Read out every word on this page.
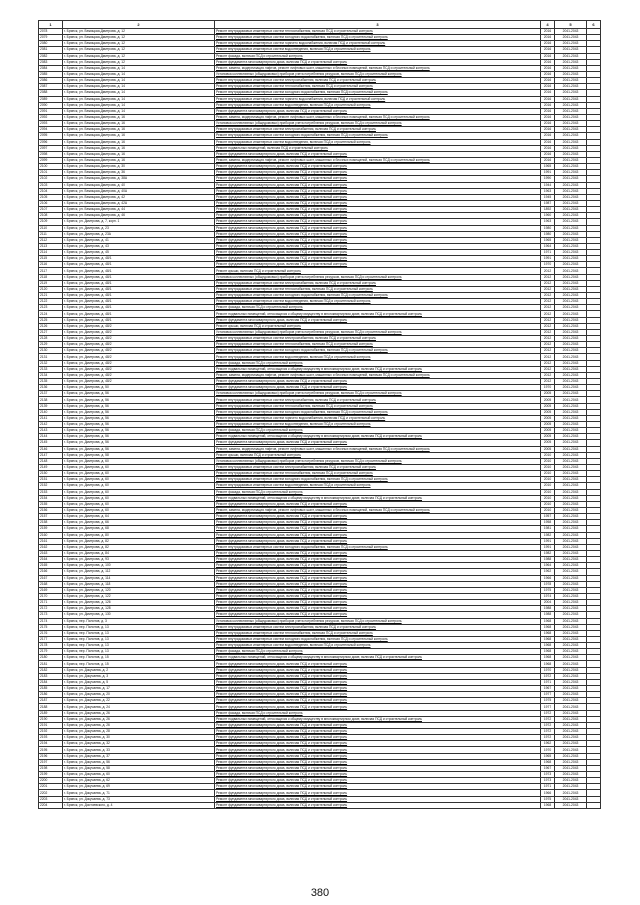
1	2	3	4	5	6
2078	г. Брянск, ул. Бежицкая-Дмитрова, д. 12	Ремонт внутридомовых инженерных систем теплоснабжения, включая ПСД и строительный контроль	2016	2041-2043	
2079	г. Брянск, ул. Бежицкая-Дмитрова, д. 12	Ремонт внутридомовых инженерных систем холодного водоснабжения, включая ПСД и строительный контроль	2016	2041-2043	
2080	г. Брянск, ул. Бежицкая-Дмитрова, д. 12	Ремонт внутридомовых инженерных систем горячего водоснабжения, включая ПСД и строительный контроль	2016	2041-2043	
2081	г. Брянск, ул. Бежицкая-Дмитрова, д. 12	Ремонт внутридомовых инженерных систем водоотведения, включая ПСД и строительный контроль	2016	2041-2043	
2082	г. Брянск, ул. Бежицкая-Дмитрова, д. 12	Ремонт фасада, включая ПСД и строительный контроль	2016	2041-2043	
2083	г. Брянск, ул. Бежицкая-Дмитрова, д. 12	Ремонт фундамента многоквартирного дома, включая ПСД и строительный контроль	2016	2041-2043	
2084	г. Брянск, ул. Бежицкая-Дмитрова, д. 14	Ремонт, замена, модернизация лифтов, ремонт лифтовых шахт, машинных и блочных помещений, включая ПСД и строительный контроль	2016	2041-2043	
2085	г. Брянск, ул. Бежицкая-Дмитрова, д. 14	Установка коллективных (общедомовых) приборов учета потребления ресурсов, включая ПСД и строительный контроль	2016	2041-2043	
2086	г. Брянск, ул. Бежицкая-Дмитрова, д. 14	Ремонт внутридомовых инженерных систем электроснабжения, включая ПСД и строительный контроль	2016	2041-2043	
2087	г. Брянск, ул. Бежицкая-Дмитрова, д. 14	Ремонт внутридомовых инженерных систем теплоснабжения, включая ПСД и строительный контроль	2016	2041-2043	
2088	г. Брянск, ул. Бежицкая-Дмитрова, д. 14	Ремонт внутридомовых инженерных систем холодного водоснабжения, включая ПСД и строительный контроль	2016	2041-2043	
2089	г. Брянск, ул. Бежицкая-Дмитрова, д. 14	Ремонт внутридомовых инженерных систем горячего водоснабжения, включая ПСД и строительный контроль	2016	2041-2043	
2090	г. Брянск, ул. Бежицкая-Дмитрова, д. 14	Ремонт внутридомовых инженерных систем водоотведения, включая ПСД и строительный контроль	2016	2041-2043	
2091	г. Брянск, ул. Бежицкая-Дмитрова, д. 14	Ремонт фундамента многоквартирного дома, включая ПСД и строительный контроль	2016	2041-2043	
2092	г. Брянск, ул. Бежицкая-Дмитрова, д. 16	Ремонт, замена, модернизация лифтов, ремонт лифтовых шахт, машинных и блочных помещений, включая ПСД и строительный контроль	2016	2041-2043	
2093	г. Брянск, ул. Бежицкая-Дмитрова, д. 16	Установка коллективных (общедомовых) приборов учета потребления ресурсов, включая ПСД и строительный контроль	2016	2041-2043	
2094	г. Брянск, ул. Бежицкая-Дмитрова, д. 16	Ремонт внутридомовых инженерных систем электроснабжения, включая ПСД и строительный контроль	2016	2041-2043	
2095	г. Брянск, ул. Бежицкая-Дмитрова, д. 16	Ремонт внутридомовых инженерных систем холодного водоснабжения, включая ПСД и строительный контроль	2016	2041-2043	
2096	г. Брянск, ул. Бежицкая-Дмитрова, д. 16	Ремонт внутридомовых инженерных систем водоотведения, включая ПСД и строительный контроль	2016	2041-2043	
2097	г. Брянск, ул. Бежицкая-Дмитрова, д. 16	Ремонт подвальных помещений, включая ПСД и строительный контроль	2016	2041-2043	
2098	г. Брянск, ул. Бежицкая-Дмитрова, д. 16	Ремонт фундамента многоквартирного дома, включая ПСД и строительный контроль	2016	2041-2043	
2099	г. Брянск, ул. Бежицкая-Дмитрова, д. 16	Ремонт, замена, модернизация лифтов, ремонт лифтовых шахт, машинных и блочных помещений, включая ПСД и строительный контроль	2016	2041-2043	
2100	г. Брянск, ул. Бежицкая-Дмитрова, д. 30	Ремонт фундамента многоквартирного дома, включая ПСД и строительный контроль	1965	2041-2043	
2101	г. Брянск, ул. Бежицкая-Дмитрова, д. 36	Ремонт фундамента многоквартирного дома, включая ПСД и строительный контроль	1991	2041-2043	
2102	г. Брянск, ул. Бежицкая-Дмитрова, д. 38А	Ремонт фундамента многоквартирного дома, включая ПСД и строительный контроль	1990	2041-2043	
2103	г. Брянск, ул. Бежицкая-Дмитрова, д. 40	Ремонт фундамента многоквартирного дома, включая ПСД и строительный контроль	1944	2041-2043	
2104	г. Брянск, ул. Бежицкая-Дмитрова, д. 40А	Ремонт фундамента многоквартирного дома, включая ПСД и строительный контроль	1963	2041-2043	
2105	г. Брянск, ул. Бежицкая-Дмитрова, д. 42	Ремонт фундамента многоквартирного дома, включая ПСД и строительный контроль	1945	2041-2043	
2106	г. Брянск, ул. Бежицкая-Дмитрова, д. 42А	Ремонт фундамента многоквартирного дома, включая ПСД и строительный контроль	1987	2041-2043	
2107	г. Брянск, ул. Бежицкая-Дмитрова, д. 44	Ремонт фундамента многоквартирного дома, включая ПСД и строительный контроль	1892	2041-2043	
2108	г. Брянск, ул. Бежицкая-Дмитрова, д. 46	Ремонт фундамента многоквартирного дома, включая ПСД и строительный контроль	1960	2041-2043	
2109	г. Брянск, ул. Дмитрова, д. 7, корп. 1	Ремонт фундамента многоквартирного дома, включая ПСД и строительный контроль	1963	2041-2043	
2110	г. Брянск, ул. Дмитрова, д. 23	Ремонт фундамента многоквартирного дома, включая ПСД и строительный контроль	1980	2041-2043	
2111	г. Брянск, ул. Дмитрова, д. 23А	Ремонт фундамента многоквартирного дома, включая ПСД и строительный контроль	1980	2041-2043	
2112	г. Брянск, ул. Дмитрова, д. 41	Ремонт фундамента многоквартирного дома, включая ПСД и строительный контроль	1965	2041-2043	
2113	г. Брянск, ул. Дмитрова, д. 43	Ремонт фундамента многоквартирного дома, включая ПСД и строительный контроль	1964	2041-2043	
2114	г. Брянск, ул. Дмитрова, д. 45	Ремонт фундамента многоквартирного дома, включая ПСД и строительный контроль	1971	2041-2043	
2115	г. Брянск, ул. Дмитрова, д. 48/1	Ремонт фундамента многоквартирного дома, включая ПСД и строительный контроль	1991	2041-2043	
2116	г. Брянск, ул. Дмитрова, д. 48/1	Ремонт фундамента многоквартирного дома, включая ПСД и строительный контроль	1970	2041-2043	
2117	г. Брянск, ул. Дмитрова, д. 48/1	Ремонт крыши, включая ПСД и строительный контроль	2012	2041-2043	
2118	г. Брянск, ул. Дмитрова, д. 48/1	Установка коллективных (общедомовых) приборов учета потребления ресурсов, включая ПСД и строительный контроль	2012	2041-2043	
2119	г. Брянск, ул. Дмитрова, д. 48/1	Ремонт внутридомовых инженерных систем электроснабжения, включая ПСД и строительный контроль	2012	2041-2043	
2120	г. Брянск, ул. Дмитрова, д. 48/1	Ремонт внутридомовых инженерных систем теплоснабжения, включая ПСД и строительный контроль	2012	2041-2043	
2121	г. Брянск, ул. Дмитрова, д. 48/1	Ремонт внутридомовых инженерных систем холодного водоснабжения, включая ПСД и строительный контроль	2012	2041-2043	
2122	г. Брянск, ул. Дмитрова, д. 48/1	Ремонт внутридомовых инженерных систем водоотведения, включая ПСД и строительный контроль	2012	2041-2043	
2123	г. Брянск, ул. Дмитрова, д. 48/1	Ремонт фасада, включая ПСД и строительный контроль	2012	2041-2043	
2124	г. Брянск, ул. Дмитрова, д. 48/1	Ремонт подвальных помещений, относящихся к общему имуществу в многоквартирном доме, включая ПСД и строительный контроль	2012	2041-2043	
2125	г. Брянск, ул. Дмитрова, д. 48/1	Ремонт фундамента многоквартирного дома, включая ПСД и строительный контроль	2012	2041-2043	
2126	г. Брянск, ул. Дмитрова, д. 48/2	Ремонт крыши, включая ПСД и строительный контроль	2012	2041-2043	
2127	г. Брянск, ул. Дмитрова, д. 48/2	Установка коллективных (общедомовых) приборов учета потребления ресурсов, включая ПСД и строительный контроль	2012	2041-2043	
2128	г. Брянск, ул. Дмитрова, д. 48/2	Ремонт внутридомовых инженерных систем электроснабжения, включая ПСД и строительный контроль	2012	2041-2043	
2129	г. Брянск, ул. Дмитрова, д. 48/2	Ремонт внутридомовых инженерных систем теплоснабжения, включая ПСД и строительный контроль	2012	2041-2043	
2130	г. Брянск, ул. Дмитрова, д. 48/2	Ремонт внутридомовых инженерных систем холодного водоснабжения, включая ПСД и строительный контроль	2012	2041-2043	
2131	г. Брянск, ул. Дмитрова, д. 48/2	Ремонт внутридомовых инженерных систем водоотведения, включая ПСД и строительный контроль	2012	2041-2043	
2132	г. Брянск, ул. Дмитрова, д. 48/2	Ремонт фасада, включая ПСД и строительный контроль	2012	2041-2043	
2133	г. Брянск, ул. Дмитрова, д. 48/2	Ремонт подвальных помещений, относящихся к общему имуществу в многоквартирном доме, включая ПСД и строительный контроль	2012	2041-2043	
2134	г. Брянск, ул. Дмитрова, д. 48/2	Ремонт, замена, модернизация лифтов, ремонт лифтовых шахт, машинных и блочных помещений, включая ПСД и строительный контроль	2012	2041-2043	
2135	г. Брянск, ул. Дмитрова, д. 48/2	Ремонт фундамента многоквартирного дома, включая ПСД и строительный контроль	2012	2041-2043	
2136	г. Брянск, ул. Дмитрова, д. 50	Ремонт фундамента многоквартирного дома, включая ПСД и строительный контроль	1970	2041-2043	
2137	г. Брянск, ул. Дмитрова, д. 56	Установка коллективных (общедомовых) приборов учета потребления ресурсов, включая ПСД и строительный контроль	2005	2041-2043	
2138	г. Брянск, ул. Дмитрова, д. 56	Ремонт внутридомовых инженерных систем электроснабжения, включая ПСД и строительный контроль	2005	2041-2043	
2139	г. Брянск, ул. Дмитрова, д. 56	Ремонт внутридомовых инженерных систем теплоснабжения, включая ПСД и строительный контроль	2005	2041-2043	
2140	г. Брянск, ул. Дмитрова, д. 56	Ремонт внутридомовых инженерных систем холодного водоснабжения, включая ПСД и строительный контроль	2005	2041-2043	
2141	г. Брянск, ул. Дмитрова, д. 56	Ремонт внутридомовых инженерных систем горячего водоснабжения, включая ПСД и строительный контроль	2005	2041-2043	
2142	г. Брянск, ул. Дмитрова, д. 56	Ремонт внутридомовых инженерных систем водоотведения, включая ПСД и строительный контроль	2005	2041-2043	
2143	г. Брянск, ул. Дмитрова, д. 56	Ремонт фасада, включая ПСД и строительный контроль	2005	2041-2043	
2144	г. Брянск, ул. Дмитрова, д. 56	Ремонт подвальных помещений, относящихся к общему имуществу в многоквартирном доме, включая ПСД и строительный контроль	2005	2041-2043	
2145	г. Брянск, ул. Дмитрова, д. 56	Ремонт фундамента многоквартирного дома, включая ПСД и строительный контроль	2005	2041-2043	
2146	г. Брянск, ул. Дмитрова, д. 56	Ремонт, замена, модернизация лифтов, ремонт лифтовых шахт, машинных и блочных помещений, включая ПСД и строительный контроль	2005	2041-2043	
2147	г. Брянск, ул. Дмитрова, д. 58	Ремонт крыши, включая ПСД и строительный контроль	2010	2041-2043	
2148	г. Брянск, ул. Дмитрова, д. 60	Установка коллективных (общедомовых) приборов учета потребления ресурсов, включая ПСД и строительный контроль	2010	2041-2043	
2149	г. Брянск, ул. Дмитрова, д. 60	Ремонт внутридомовых инженерных систем электроснабжения, включая ПСД и строительный контроль	2010	2041-2043	
2150	г. Брянск, ул. Дмитрова, д. 60	Ремонт внутридомовых инженерных систем теплоснабжения, включая ПСД и строительный контроль	2010	2041-2043	
2151	г. Брянск, ул. Дмитрова, д. 60	Ремонт внутридомовых инженерных систем холодного водоснабжения, включая ПСД и строительный контроль	2010	2041-2043	
2152	г. Брянск, ул. Дмитрова, д. 60	Ремонт внутридомовых инженерных систем водоотведения, включая ПСД и строительный контроль	2010	2041-2043	
2153	г. Брянск, ул. Дмитрова, д. 60	Ремонт фасада, включая ПСД и строительный контроль	2010	2041-2043	
2154	г. Брянск, ул. Дмитрова, д. 60	Ремонт подвальных помещений, относящихся к общему имуществу в многоквартирном доме, включая ПСД и строительный контроль	2010	2041-2043	
2155	г. Брянск, ул. Дмитрова, д. 60	Ремонт фундамента многоквартирного дома, включая ПСД и строительный контроль	2010	2041-2043	
2156	г. Брянск, ул. Дмитрова, д. 60	Ремонт, замена, модернизация лифтов, ремонт лифтовых шахт, машинных и блочных помещений, включая ПСД и строительный контроль	2010	2041-2043	
2157	г. Брянск, ул. Дмитрова, д. 64	Ремонт фундамента многоквартирного дома, включая ПСД и строительный контроль	1957	2041-2043	
2158	г. Брянск, ул. Дмитрова, д. 66	Ремонт фундамента многоквартирного дома, включая ПСД и строительный контроль	1958	2041-2043	
2159	г. Брянск, ул. Дмитрова, д. 68	Ремонт фундамента многоквартирного дома, включая ПСД и строительный контроль	1981	2041-2043	
2160	г. Брянск, ул. Дмитрова, д. 80	Ремонт фундамента многоквартирного дома, включая ПСД и строительный контроль	1982	2041-2043	
2161	г. Брянск, ул. Дмитрова, д. 82	Ремонт фундамента многоквартирного дома, включая ПСД и строительный контроль	1991	2041-2043	
2162	г. Брянск, ул. Дмитрова, д. 82	Ремонт внутридомовых инженерных систем холодного водоснабжения, включая ПСД и строительный контроль	1991	2041-2043	
2163	г. Брянск, ул. Дмитрова, д. 84	Ремонт фундамента многоквартирного дома, включая ПСД и строительный контроль	1982	2041-2043	
2164	г. Брянск, ул. Дмитрова, д. 93	Ремонт фундамента многоквартирного дома, включая ПСД и строительный контроль	1988	2041-2043	
2165	г. Брянск, ул. Дмитрова, д. 100	Ремонт фундамента многоквартирного дома, включая ПСД и строительный контроль	1964	2041-2043	
2166	г. Брянск, ул. Дмитрова, д. 112	Ремонт фундамента многоквартирного дома, включая ПСД и строительный контроль	1962	2041-2043	
2167	г. Брянск, ул. Дмитрова, д. 114	Ремонт фундамента многоквартирного дома, включая ПСД и строительный контроль	1966	2041-2043	
2168	г. Брянск, ул. Дмитрова, д. 118	Ремонт фундамента многоквартирного дома, включая ПСД и строительный контроль	1978	2041-2043	
2169	г. Брянск, ул. Дмитрова, д. 120	Ремонт фундамента многоквартирного дома, включая ПСД и строительный контроль	1975	2041-2043	
2170	г. Брянск, ул. Дмитрова, д. 122	Ремонт фундамента многоквартирного дома, включая ПСД и строительный контроль	1974	2041-2043	
2171	г. Брянск, ул. Дмитрова, д. 126	Ремонт фундамента многоквартирного дома, включая ПСД и строительный контроль	2004	2041-2043	
2172	г. Брянск, ул. Дмитрова, д. 128	Ремонт фундамента многоквартирного дома, включая ПСД и строительный контроль	1988	2041-2043	
2173	г. Брянск, ул. Дмитрова, д. 130	Ремонт фундамента многоквартирного дома, включая ПСД и строительный контроль	1988	2041-2043	
2174	г. Брянск, пер. Пилотов, д. 3	Установка коллективных (общедомовых) приборов учета потребления ресурсов, включая ПСД и строительный контроль	1968	2041-2043	
2175	г. Брянск, пер. Пилотов, д. 13	Ремонт внутридомовых инженерных систем электроснабжения, включая ПСД и строительный контроль	1968	2041-2043	
2176	г. Брянск, пер. Пилотов, д. 13	Ремонт внутридомовых инженерных систем теплоснабжения, включая ПСД и строительный контроль	1968	2041-2043	
2177	г. Брянск, пер. Пилотов, д. 13	Ремонт внутридомовых инженерных систем холодного водоснабжения, включая ПСД и строительный контроль	1968	2041-2043	
2178	г. Брянск, пер. Пилотов, д. 13	Ремонт внутридомовых инженерных систем водоотведения, включая ПСД и строительный контроль	1968	2041-2043	
2179	г. Брянск, пер. Пилотов, д. 13	Ремонт фасада, включая ПСД и строительный контроль	1968	2041-2043	
2180	г. Брянск, пер. Пилотов, д. 15	Ремонт подвальных помещений, относящихся к общему имуществу в многоквартирном доме, включая ПСД и строительный контроль	1968	2041-2043	
2181	г. Брянск, пер. Пилотов, д. 15	Ремонт фундамента многоквартирного дома, включая ПСД и строительный контроль	1968	2041-2043	
2182	г. Брянск, ул. Докучаева, д. 2	Ремонт фундамента многоквартирного дома, включая ПСД и строительный контроль	1970	2041-2043	
2183	г. Брянск, ул. Докучаева, д. 3	Ремонт фундамента многоквартирного дома, включая ПСД и строительный контроль	1972	2041-2043	
2184	г. Брянск, ул. Докучаева, д. 5	Ремонт фундамента многоквартирного дома, включая ПСД и строительный контроль	1971	2041-2043	
2185	г. Брянск, ул. Докучаева, д. 17	Ремонт фундамента многоквартирного дома, включая ПСД и строительный контроль	1967	2041-2043	
2186	г. Брянск, ул. Докучаева, д. 20	Ремонт фундамента многоквартирного дома, включая ПСД и строительный контроль	1977	2041-2043	
2187	г. Брянск, ул. Докучаева, д. 22	Ремонт фундамента многоквартирного дома, включая ПСД и строительный контроль	1975	2041-2043	
2188	г. Брянск, ул. Докучаева, д. 24	Ремонт фундамента многоквартирного дома, включая ПСД и строительный контроль	1977	2041-2043	
2189	г. Брянск, ул. Докучаева, д. 26	Ремонт фасада, включая ПСД и строительный контроль	1972	2041-2043	
2190	г. Брянск, ул. Докучаева, д. 26	Ремонт подвальных помещений, относящихся к общему имуществу в многоквартирном доме, включая ПСД и строительный контроль	1972	2041-2043	
2191	г. Брянск, ул. Докучаева, д. 26	Ремонт фундамента многоквартирного дома, включая ПСД и строительный контроль	1972	2041-2043	
2192	г. Брянск, ул. Докучаева, д. 28	Ремонт фундамента многоквартирного дома, включая ПСД и строительный контроль	1972	2041-2043	
2193	г. Брянск, ул. Докучаева, д. 30	Ремонт фундамента многоквартирного дома, включая ПСД и строительный контроль	1972	2041-2043	
2194	г. Брянск, ул. Докучаева, д. 32	Ремонт фундамента многоквартирного дома, включая ПСД и строительный контроль	1962	2041-2043	
2195	г. Брянск, ул. Докучаева, д. 33	Ремонт фундамента многоквартирного дома, включая ПСД и строительный контроль	1970	2041-2043	
2196	г. Брянск, ул. Докучаева, д. 37	Ремонт фундамента многоквартирного дома, включая ПСД и строительный контроль	1965	2041-2043	
2197	г. Брянск, ул. Докучаева, д. 56	Ремонт фундамента многоквартирного дома, включая ПСД и строительный контроль	1968	2041-2043	
2198	г. Брянск, ул. Докучаева, д. 58	Ремонт фундамента многоквартирного дома, включая ПСД и строительный контроль	1967	2041-2043	
2199	г. Брянск, ул. Докучаева, д. 60	Ремонт фундамента многоквартирного дома, включая ПСД и строительный контроль	1973	2041-2043	
2200	г. Брянск, ул. Докучаева, д. 62	Ремонт фундамента многоквартирного дома, включая ПСД и строительный контроль	1973	2041-2043	
2201	г. Брянск, ул. Докучаева, д. 69	Ремонт фундамента многоквартирного дома, включая ПСД и строительный контроль	1971	2041-2043	
2202	г. Брянск, ул. Докучаева, д. 71	Ремонт фундамента многоквартирного дома, включая ПСД и строительный контроль	1966	2041-2043	
2203	г. Брянск, ул. Докучаева, д. 73	Ремонт фундамента многоквартирного дома, включая ПСД и строительный контроль	1975	2041-2043	
2204	г. Брянск, ул. Достоевского, д. 4	Ремонт фундамента многоквартирного дома, включая ПСД и строительный контроль	1968	2041-2043	
380
